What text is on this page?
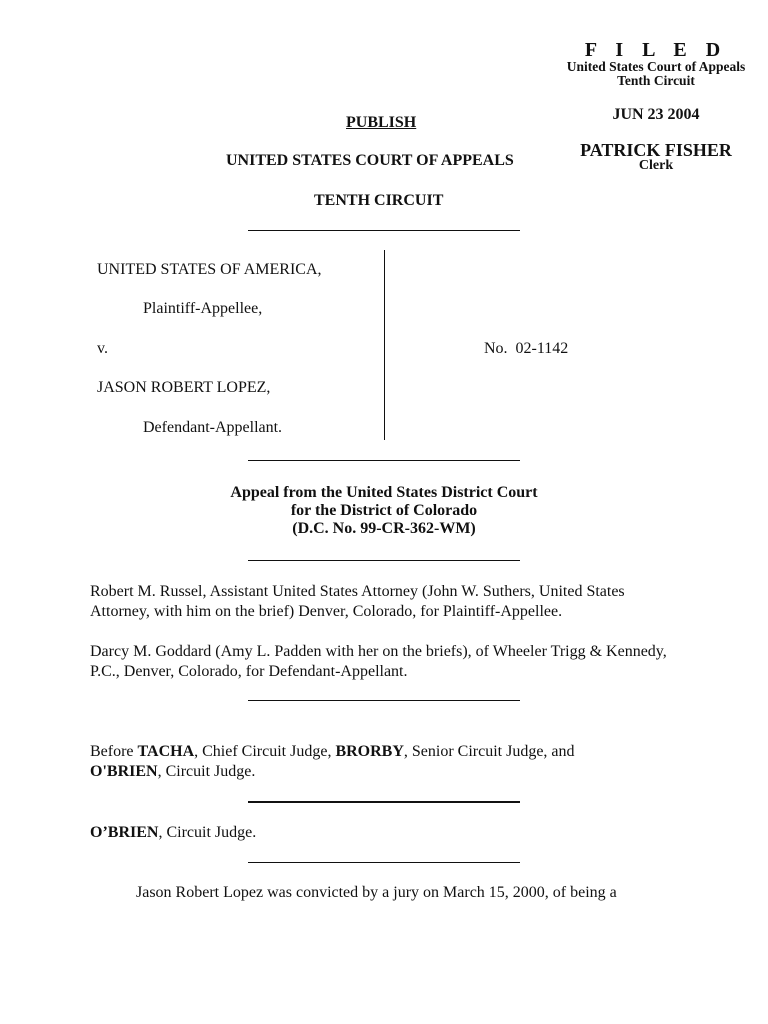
F I L E D
United States Court of Appeals
Tenth Circuit
JUN 23 2004
PATRICK FISHER
Clerk
PUBLISH
UNITED STATES COURT OF APPEALS
TENTH CIRCUIT
UNITED STATES OF AMERICA,
Plaintiff-Appellee,
v.
JASON ROBERT LOPEZ,
Defendant-Appellant.
No.  02-1142
Appeal from the United States District Court
for the District of Colorado
(D.C. No. 99-CR-362-WM)
Robert M. Russel, Assistant United States Attorney (John W. Suthers, United States Attorney, with him on the brief) Denver, Colorado, for Plaintiff-Appellee.
Darcy M. Goddard (Amy L. Padden with her on the briefs), of Wheeler Trigg & Kennedy, P.C., Denver, Colorado, for Defendant-Appellant.
Before TACHA, Chief Circuit Judge, BRORBY, Senior Circuit Judge, and
O'BRIEN, Circuit Judge.
O’BRIEN, Circuit Judge.
Jason Robert Lopez was convicted by a jury on March 15, 2000, of being a
